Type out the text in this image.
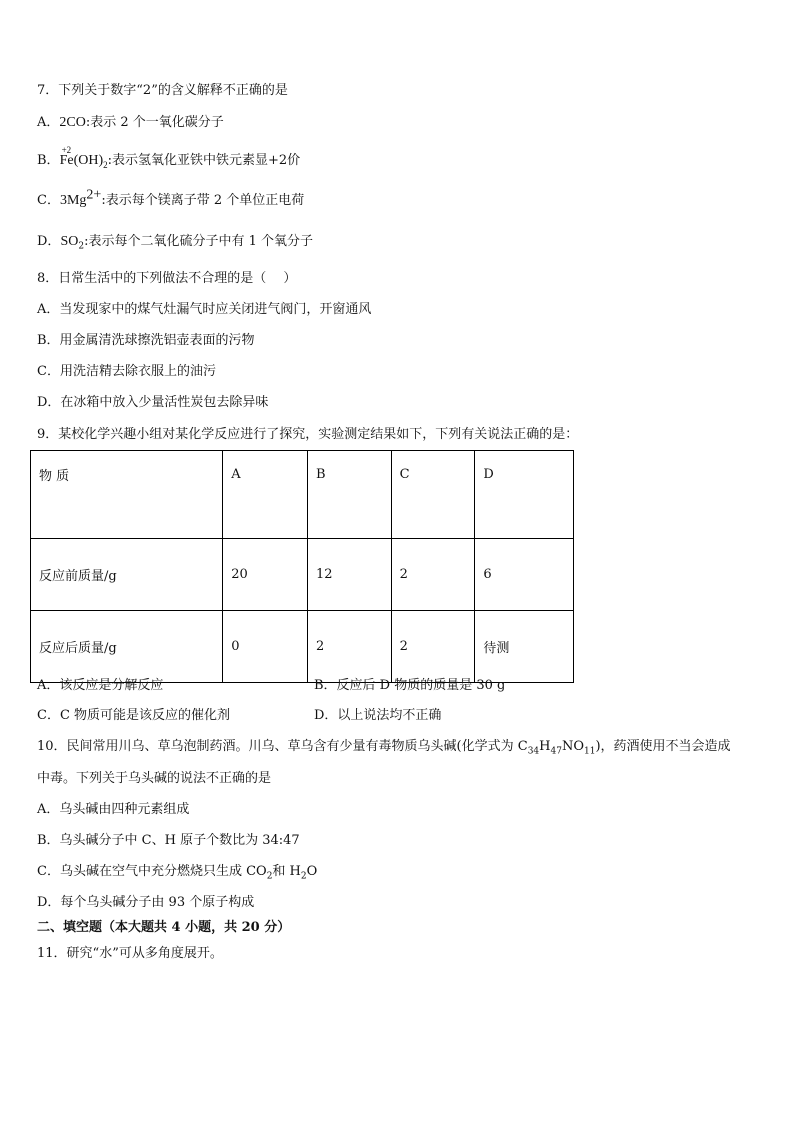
7．下列关于数字“2”的含义解释不正确的是
A．2CO:表示 2 个一氧化碳分子
B．
+2
$Fe(OH)_2$:表示氢氧化亚铁中铁元素显+2价
C．$3Mg^{2+}$:表示每个镁离子带 2 个单位正电荷
D．$SO_2$:表示每个二氧化硫分子中有 1 个氧分子
8．日常生活中的下列做法不合理的是（　 ）
A．当发现家中的煤气灶漏气时应关闭进气阀门，开窗通风
B．用金属清洗球擦洗铝壶表面的污物
C．用洗洁精去除衣服上的油污
D．在冰箱中放入少量活性炭包去除异味
9．某校化学兴趣小组对某化学反应进行了探究，实验测定结果如下，下列有关说法正确的是：
物 质	A	B	C	D
反应前质量/g	20	12	2	6
反应后质量/g	0	2	2	待测
A．该反应是分解反应	B．反应后 D 物质的质量是 30 g
C．C 物质可能是该反应的催化剂	D．以上说法均不正确
10．民间常用川乌、草乌泡制药酒。川乌、草乌含有少量有毒物质乌头碱(化学式为 $C_{34}H_{47}NO_{11}$)，药酒使用不当会造成
中毒。下列关于乌头碱的说法不正确的是
A．乌头碱由四种元素组成
B．乌头碱分子中 C、H 原子个数比为 34:47
C．乌头碱在空气中充分燃烧只生成 $CO_2$和 $H_2O$
D．每个乌头碱分子由 93 个原子构成
二、填空题（本大题共 4 小题，共 20 分）
11．研究“水”可从多角度展开。
